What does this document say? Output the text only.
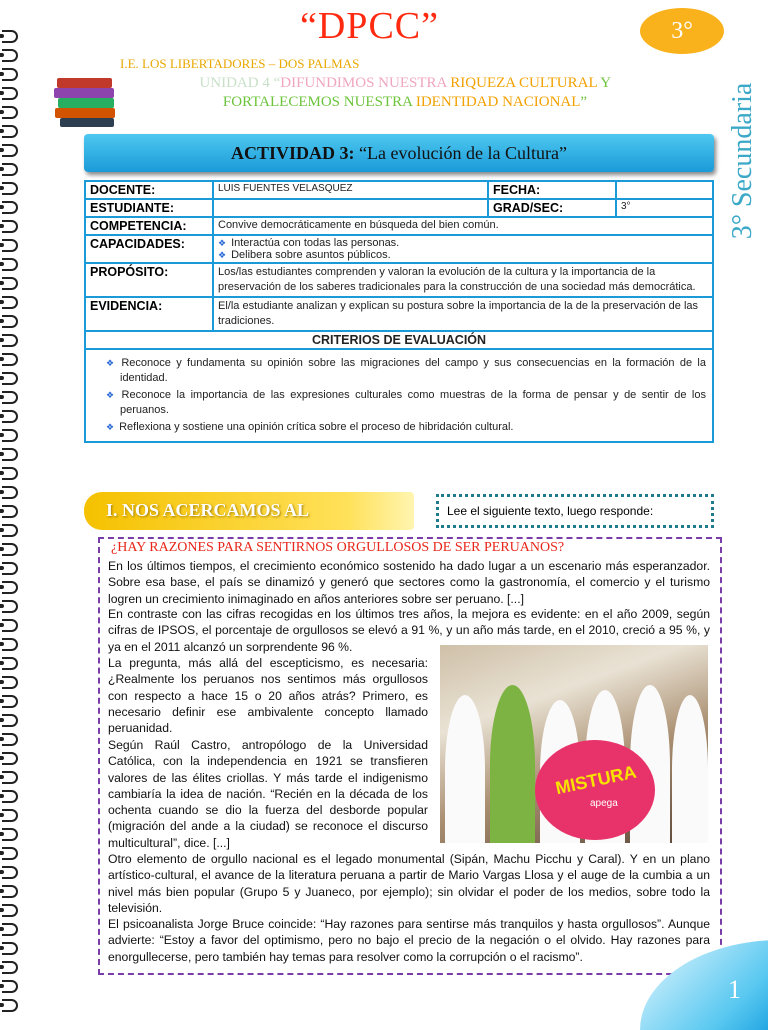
“DPCC”	3°
I.E. LOS LIBERTADORES – DOS PALMAS
UNIDAD 4 “DIFUNDIMOS NUESTRA RIQUEZA CULTURAL Y FORTALECEMOS NUESTRA IDENTIDAD NACIONAL”	3° Secundaria
ACTIVIDAD 3: “La evolución de la Cultura”
DOCENTE:	LUIS FUENTES VELASQUEZ	FECHA:	
ESTUDIANTE:		GRAD/SEC:	3°
COMPETENCIA:	Convive democráticamente en búsqueda del bien común.		
CAPACIDADES:	❖ Interactúa con todas las personas.
❖ Delibera sobre asuntos públicos.		

PROPÓSITO:	Los/las estudiantes comprenden y valoran la evolución de la cultura y la importancia de la preservación de los saberes tradicionales para la construcción de una sociedad más democrática.		
EVIDENCIA:	El/la estudiante analizan y explican su postura sobre la importancia de la de la preservación de las tradiciones.		
CRITERIOS DE EVALUACIÓN			

❖ Reconoce y fundamenta su opinión sobre las migraciones del campo y sus consecuencias en la formación de la identidad.
❖ Reconoce la importancia de las expresiones culturales como muestras de la forma de pensar y de sentir de los peruanos.
❖ Reflexiona y sostiene una opinión crítica sobre el proceso de hibridación cultural.			
I. NOS ACERCAMOS AL	Lee el siguiente texto, luego responde:
¿HAY RAZONES PARA SENTIRNOS ORGULLOSOS DE SER PERUANOS?
En los últimos tiempos, el crecimiento económico sostenido ha dado lugar a un escenario más esperanzador. Sobre esa base, el país se dinamizó y generó que sectores como la gastronomía, el comercio y el turismo logren un crecimiento inimaginado en años anteriores sobre ser peruano. [...]
En contraste con las cifras recogidas en los últimos tres años, la mejora es evidente: en el año 2009, según cifras de IPSOS, el porcentaje de orgullosos se elevó a 91 %, y un año más tarde, en el 2010, creció a 95 %, y ya en el 2011 alcanzó un sorprendente 96 %.
La pregunta, más allá del escepticismo, es necesaria: ¿Realmente los peruanos nos sentimos más orgullosos con respecto a hace 15 o 20 años atrás? Primero, es necesario definir ese ambivalente concepto llamado peruanidad.
Según Raúl Castro, antropólogo de la Universidad Católica, con la independencia en 1921 se transfieren valores de las élites criollas. Y más tarde el indigenismo cambiaría la idea de nación. “Recién en la década de los ochenta cuando se dio la fuerza del desborde popular (migración del ande a la ciudad) se reconoce el discurso multicultural”, dice. [...]
Otro elemento de orgullo nacional es el legado monumental (Sipán, Machu Picchu y Caral). Y en un plano artístico-cultural, el avance de la literatura peruana a partir de Mario Vargas Llosa y el auge de la cumbia a un nivel más bien popular (Grupo 5 y Juaneco, por ejemplo); sin olvidar el poder de los medios, sobre todo la televisión.
El psicoanalista Jorge Bruce coincide: “Hay razones para sentirse más tranquilos y hasta orgullosos”. Aunque advierte: “Estoy a favor del optimismo, pero no bajo el precio de la negación o el olvido. Hay razones para enorgullecerse, pero también hay temas para resolver como la corrupción o el racismo”.
MISTURA
apega
1
